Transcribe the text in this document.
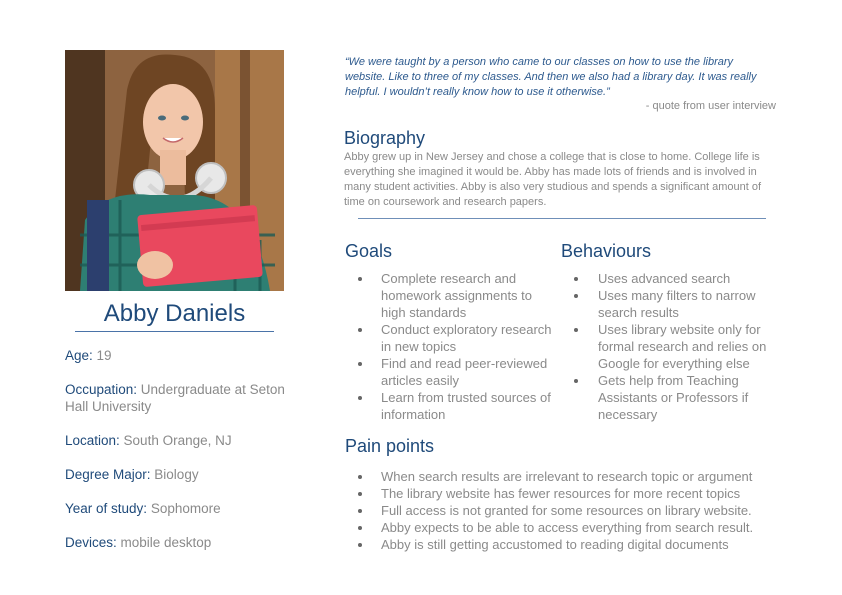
Abby Daniels
Age: 19
Occupation: Undergraduate at Seton Hall University
Location: South Orange, NJ
Degree Major: Biology
Year of study: Sophomore
Devices: mobile desktop
“We were taught by a person who came to our classes on how to use the library website. Like to three of my classes. And then we also had a library day. It was really helpful. I wouldn’t really know how to use it otherwise.”
- quote from user interview
Biography
Abby grew up in New Jersey and chose a college that is close to home. College life is everything she imagined it would be. Abby has made lots of friends and is involved in many student activities. Abby is also very studious and spends a significant amount of time on coursework and research papers.
Goals
Complete research and homework assignments to high standards
Conduct exploratory research in new topics
Find and read peer-reviewed articles easily
Learn from trusted sources of information
Behaviours
Uses advanced search
Uses many filters to narrow search results
Uses library website only for formal research and relies on Google for everything else
Gets help from Teaching Assistants or Professors if necessary
Pain points
When search results are irrelevant to research topic or argument
The library website has fewer resources for more recent topics
Full access is not granted for some resources on library website.
Abby expects to be able to access everything from search result.
Abby is still getting accustomed to reading digital documents
